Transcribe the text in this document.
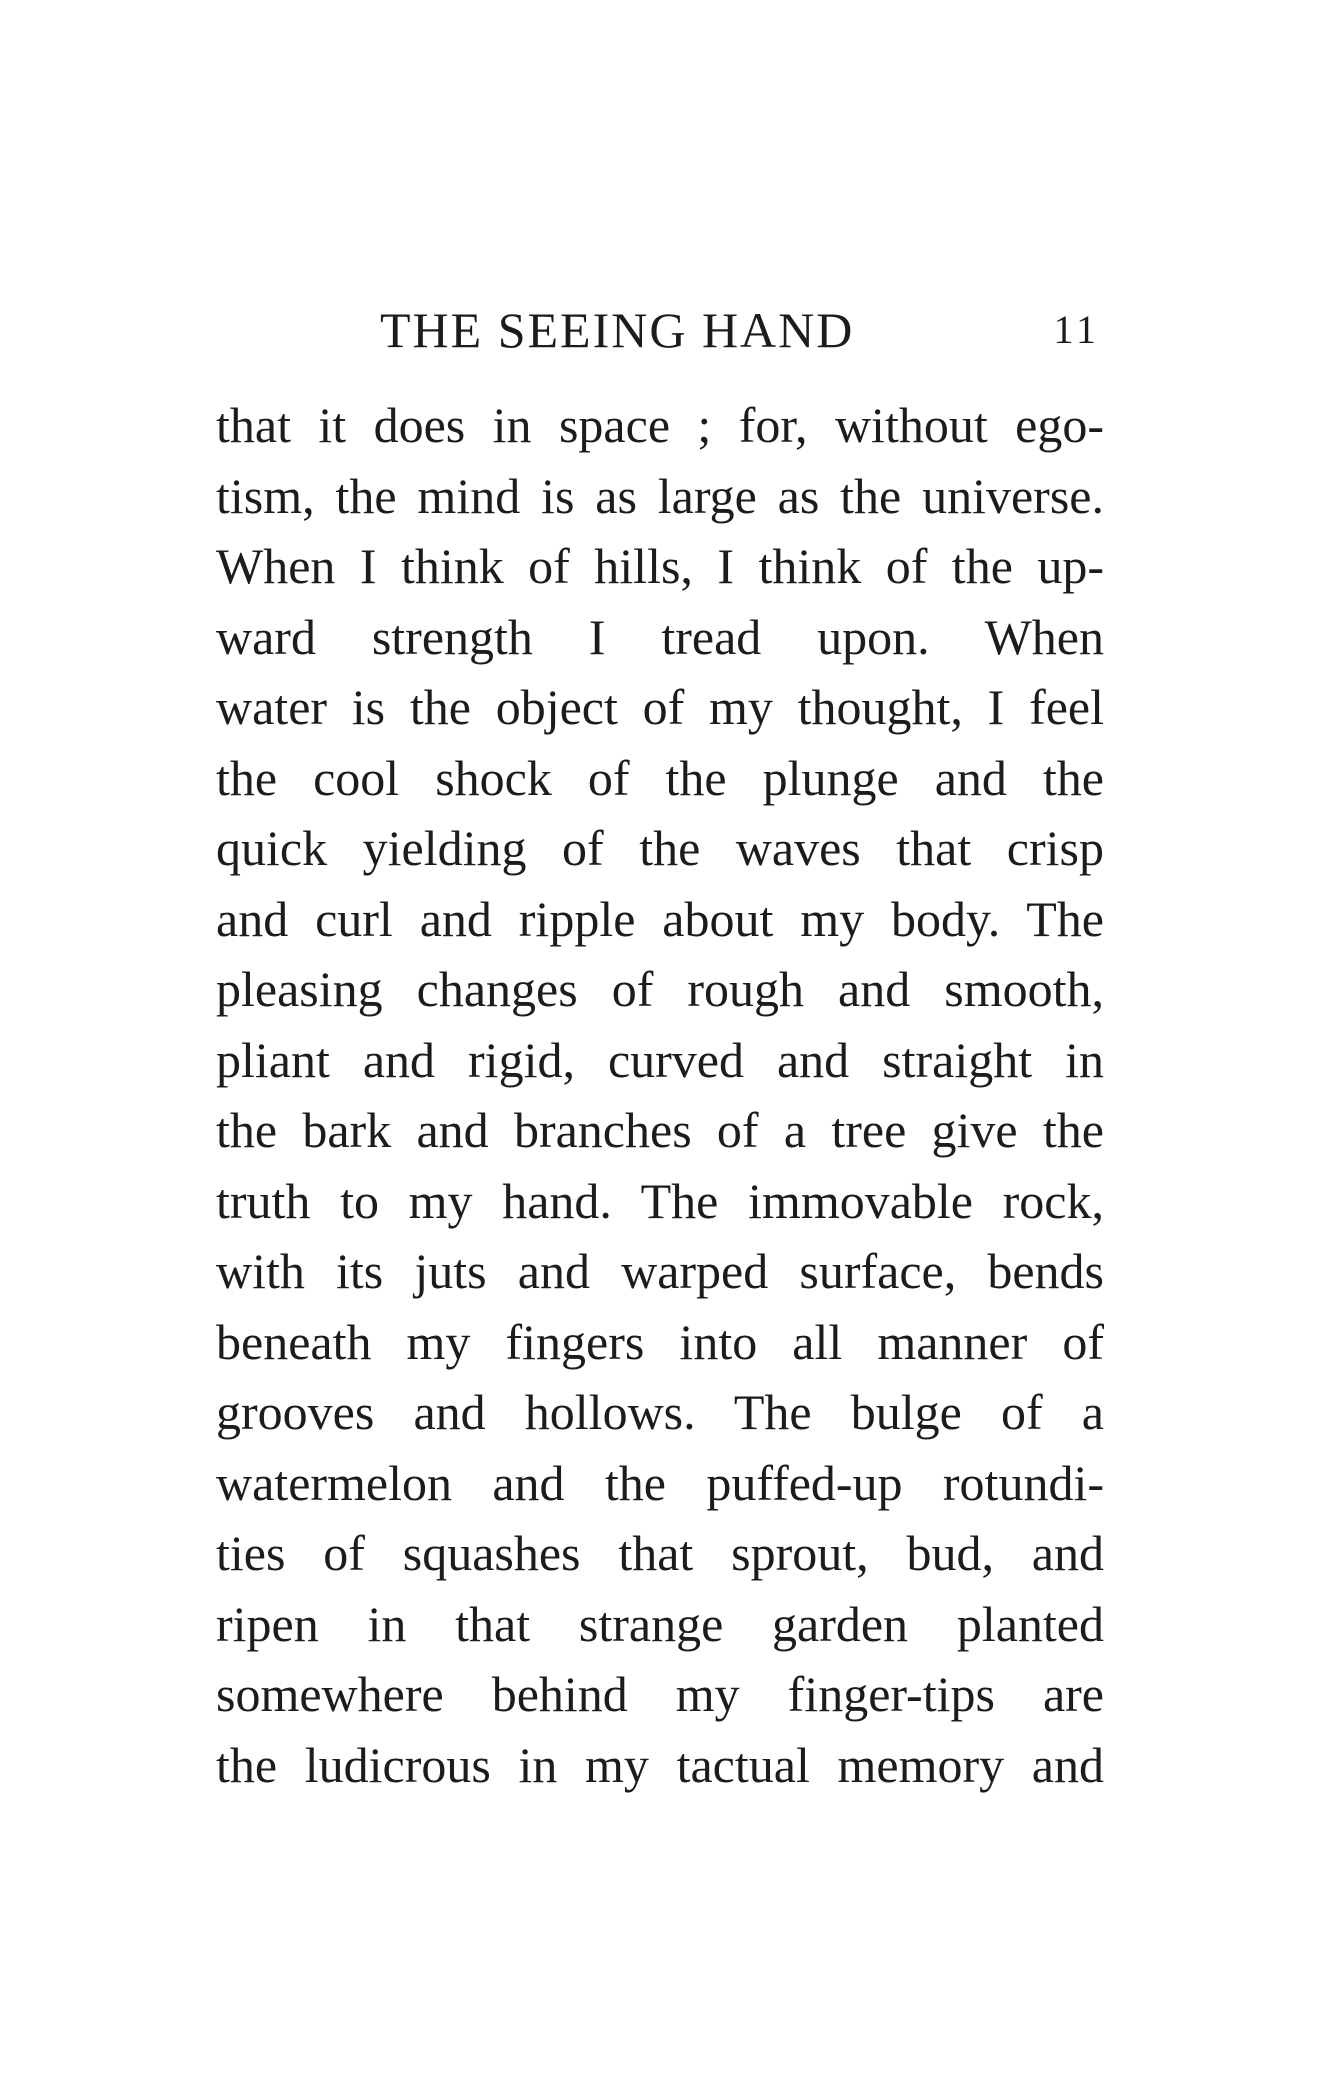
THE SEEING HAND	11
that it does in space ; for, without ego-
tism, the mind is as large as the universe.
When I think of hills, I think of the up-
ward strength I tread upon. When
water is the object of my thought, I feel
the cool shock of the plunge and the
quick yielding of the waves that crisp
and curl and ripple about my body. The
pleasing changes of rough and smooth,
pliant and rigid, curved and straight in
the bark and branches of a tree give the
truth to my hand. The immovable rock,
with its juts and warped surface, bends
beneath my fingers into all manner of
grooves and hollows. The bulge of a
watermelon and the puffed-up rotundi-
ties of squashes that sprout, bud, and
ripen in that strange garden planted
somewhere behind my finger-tips are
the ludicrous in my tactual memory and
